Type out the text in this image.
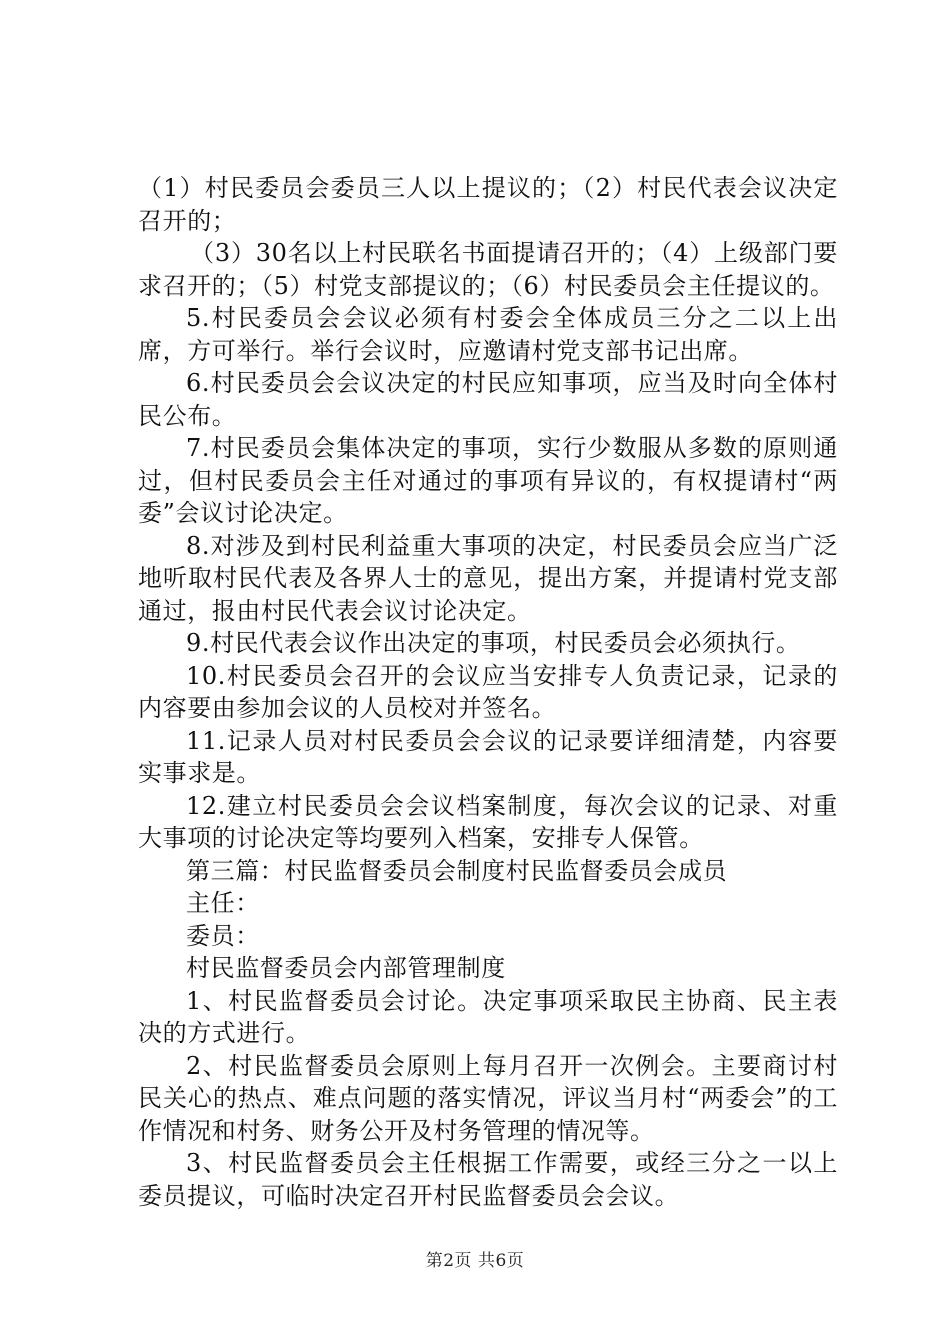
（1）村民委员会委员三人以上提议的；（2）村民代表会议决定召开的；

（3）30名以上村民联名书面提请召开的；（4）上级部门要求召开的；（5）村党支部提议的；（6）村民委员会主任提议的。

5.村民委员会会议必须有村委会全体成员三分之二以上出席，方可举行。举行会议时，应邀请村党支部书记出席。

6.村民委员会会议决定的村民应知事项，应当及时向全体村民公布。

7.村民委员会集体决定的事项，实行少数服从多数的原则通过，但村民委员会主任对通过的事项有异议的，有权提请村“两委”会议讨论决定。

8.对涉及到村民利益重大事项的决定，村民委员会应当广泛地听取村民代表及各界人士的意见，提出方案，并提请村党支部通过，报由村民代表会议讨论决定。

9.村民代表会议作出决定的事项，村民委员会必须执行。

10.村民委员会召开的会议应当安排专人负责记录，记录的内容要由参加会议的人员校对并签名。

11.记录人员对村民委员会会议的记录要详细清楚，内容要实事求是。

12.建立村民委员会会议档案制度，每次会议的记录、对重大事项的讨论决定等均要列入档案，安排专人保管。

第三篇：村民监督委员会制度村民监督委员会成员

主任：

委员：

村民监督委员会内部管理制度

1、村民监督委员会讨论。决定事项采取民主协商、民主表决的方式进行。

2、村民监督委员会原则上每月召开一次例会。主要商讨村民关心的热点、难点问题的落实情况，评议当月村“两委会”的工作情况和村务、财务公开及村务管理的情况等。

3、村民监督委员会主任根据工作需要，或经三分之一以上委员提议，可临时决定召开村民监督委员会会议。

第2页 共6页
